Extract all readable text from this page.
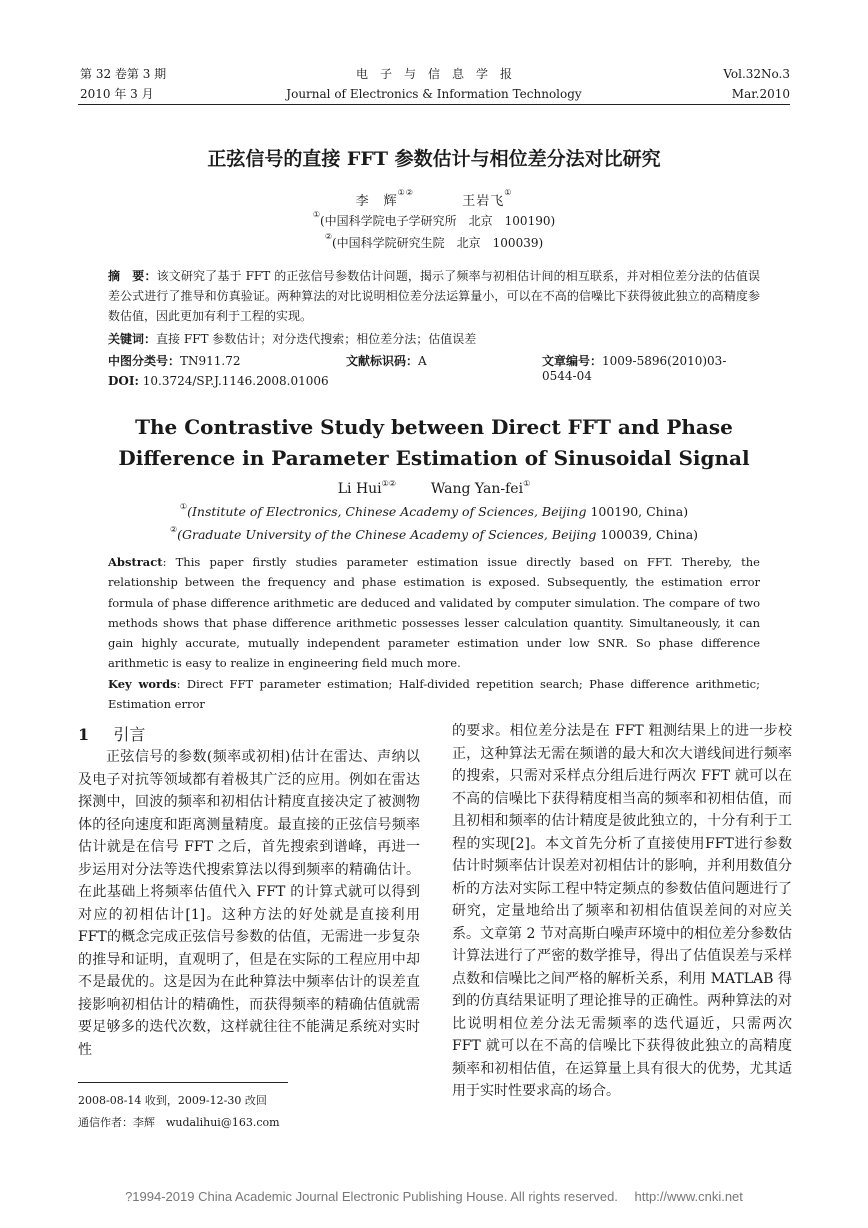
第 32 卷第 3 期
2010 年 3 月
电　子　与　信　息　学　报
Journal of Electronics & Information Technology
Vol.32No.3
Mar.2010
正弦信号的直接 FFT 参数估计与相位差分法对比研究
李　辉①②  王岩飞①
①(中国科学院电子学研究所　北京　100190)
②(中国科学院研究生院　北京　100039)
摘　要：该文研究了基于 FFT 的正弦信号参数估计问题，揭示了频率与初相估计间的相互联系，并对相位差分法的估值误差公式进行了推导和仿真验证。两种算法的对比说明相位差分法运算量小，可以在不高的信噪比下获得彼此独立的高精度参数估值，因此更加有利于工程的实现。
关键词：直接 FFT 参数估计；对分迭代搜索；相位差分法；估值误差
中图分类号：TN911.72	文献标识码：A	文章编号：1009-5896(2010)03-0544-04
DOI: 10.3724/SP.J.1146.2008.01006
The Contrastive Study between Direct FFT and Phase
Difference in Parameter Estimation of Sinusoidal Signal
Li Hui①② Wang Yan-fei①
①(Institute of Electronics, Chinese Academy of Sciences, Beijing 100190, China)
②(Graduate University of the Chinese Academy of Sciences, Beijing 100039, China)
Abstract: This paper firstly studies parameter estimation issue directly based on FFT. Thereby, the relationship between the frequency and phase estimation is exposed. Subsequently, the estimation error formula of phase difference arithmetic are deduced and validated by computer simulation. The compare of two methods shows that phase difference arithmetic possesses lesser calculation quantity. Simultaneously, it can gain highly accurate, mutually independent parameter estimation under low SNR. So phase difference arithmetic is easy to realize in engineering field much more.
Key words: Direct FFT parameter estimation; Half-divided repetition search; Phase difference arithmetic; Estimation error
1 引言
正弦信号的参数(频率或初相)估计在雷达、声纳以及电子对抗等领域都有着极其广泛的应用。例如在雷达探测中，回波的频率和初相估计精度直接决定了被测物体的径向速度和距离测量精度。最直接的正弦信号频率估计就是在信号 FFT 之后，首先搜索到谱峰，再进一步运用对分法等迭代搜索算法以得到频率的精确估计。在此基础上将频率估值代入 FFT 的计算式就可以得到对应的初相估计[1]。这种方法的好处就是直接利用FFT的概念完成正弦信号参数的估值，无需进一步复杂的推导和证明，直观明了，但是在实际的工程应用中却不是最优的。这是因为在此种算法中频率估计的误差直接影响初相估计的精确性，而获得频率的精确估值就需要足够多的迭代次数，这样就往往不能满足系统对实时性
的要求。相位差分法是在 FFT 粗测结果上的进一步校正，这种算法无需在频谱的最大和次大谱线间进行频率的搜索，只需对采样点分组后进行两次 FFT 就可以在不高的信噪比下获得精度相当高的频率和初相估值，而且初相和频率的估计精度是彼此独立的，十分有利于工程的实现[2]。本文首先分析了直接使用FFT进行参数估计时频率估计误差对初相估计的影响，并利用数值分析的方法对实际工程中特定频点的参数估值问题进行了研究，定量地给出了频率和初相估值误差间的对应关系。文章第 2 节对高斯白噪声环境中的相位差分参数估计算法进行了严密的数学推导，得出了估值误差与采样点数和信噪比之间严格的解析关系，利用 MATLAB 得到的仿真结果证明了理论推导的正确性。两种算法的对比说明相位差分法无需频率的迭代逼近，只需两次 FFT 就可以在不高的信噪比下获得彼此独立的高精度频率和初相估值，在运算量上具有很大的优势，尤其适用于实时性要求高的场合。
2008-08-14 收到，2009-12-30 改回
通信作者：李辉　wudalihui@163.com
?1994-2019 China Academic Journal Electronic Publishing House. All rights reserved.　 http://www.cnki.net
